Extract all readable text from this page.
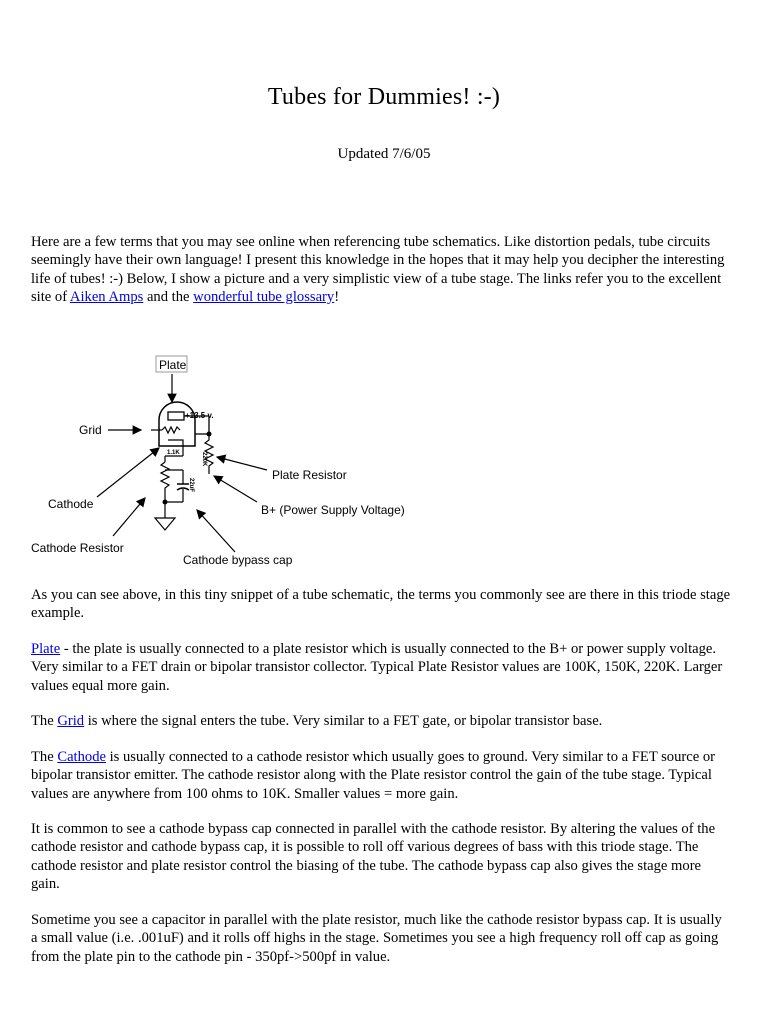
Tubes for Dummies! :-)
Updated 7/6/05

Here are a few terms that you may see online when referencing tube schematics. Like distortion pedals, tube circuits seemingly have their own language! I present this knowledge in the hopes that it may help you decipher the interesting life of tubes! :-) Below, I show a picture and a very simplistic view of a tube stage. The links refer you to the excellent site of Aiken Amps and the wonderful tube glossary!

Plate
+13.5 v.
220K
1.1K
22uF
Grid
Plate Resistor
B+ (Power Supply Voltage)
Cathode
Cathode Resistor
Cathode bypass cap

As you can see above, in this tiny snippet of a tube schematic, the terms you commonly see are there in this triode stage example.

Plate - the plate is usually connected to a plate resistor which is usually connected to the B+ or power supply voltage. Very similar to a FET drain or bipolar transistor collector. Typical Plate Resistor values are 100K, 150K, 220K. Larger values equal more gain.

The Grid is where the signal enters the tube. Very similar to a FET gate, or bipolar transistor base.

The Cathode is usually connected to a cathode resistor which usually goes to ground. Very similar to a FET source or bipolar transistor emitter. The cathode resistor along with the Plate resistor control the gain of the tube stage. Typical values are anywhere from 100 ohms to 10K. Smaller values = more gain.

It is common to see a cathode bypass cap connected in parallel with the cathode resistor. By altering the values of the cathode resistor and cathode bypass cap, it is possible to roll off various degrees of bass with this triode stage. The cathode resistor and plate resistor control the biasing of the tube. The cathode bypass cap also gives the stage more gain.

Sometime you see a capacitor in parallel with the plate resistor, much like the cathode resistor bypass cap. It is usually a small value (i.e. .001uF) and it rolls off highs in the stage. Sometimes you see a high frequency roll off cap as going from the plate pin to the cathode pin - 350pf->500pf in value.
